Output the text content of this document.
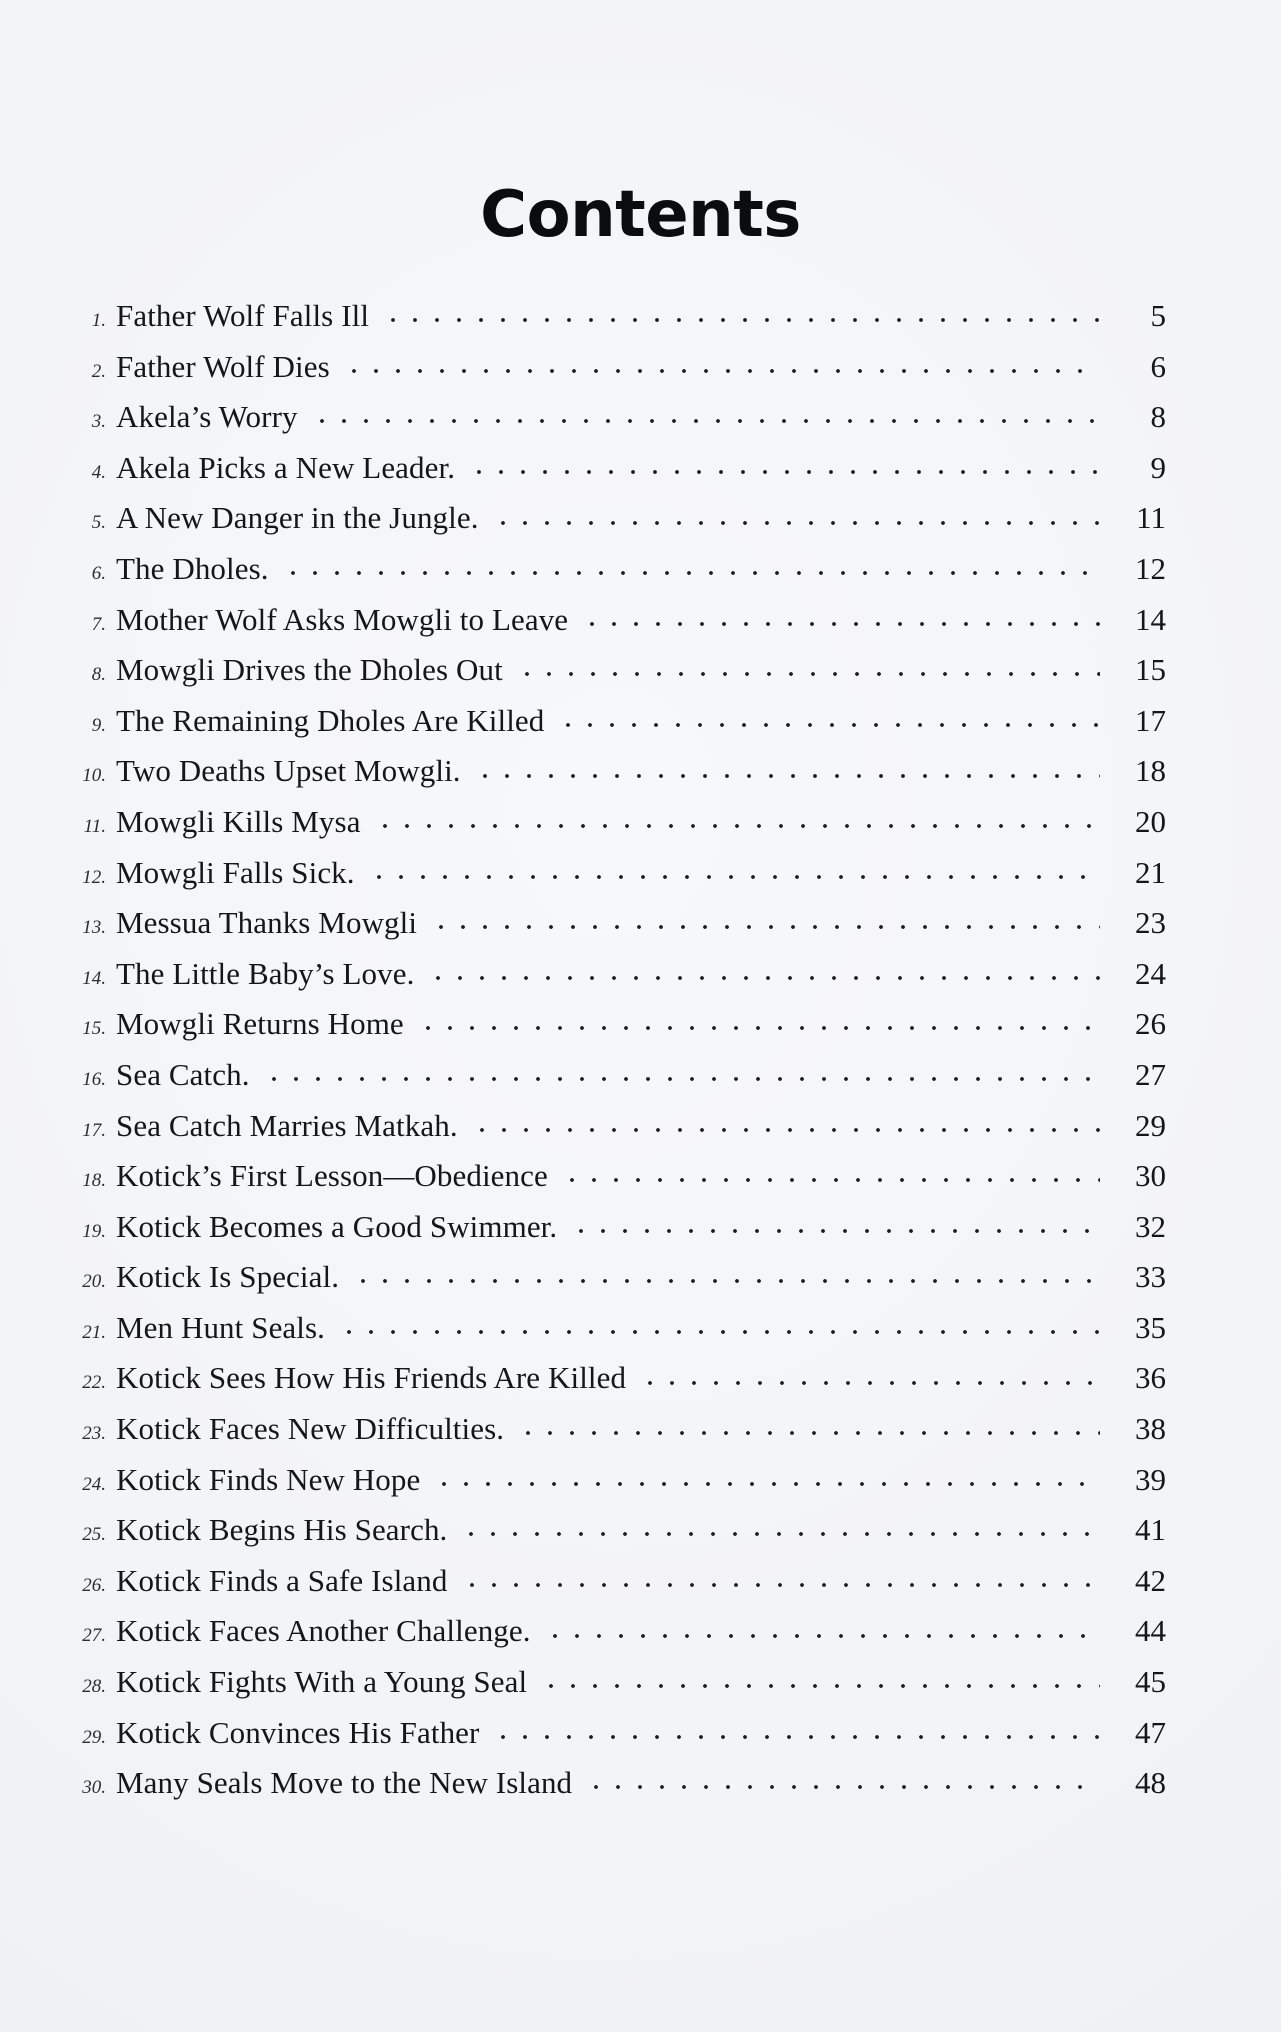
Contents
1. Father Wolf Falls Ill	5
2. Father Wolf Dies	6
3. Akela’s Worry	8
4. Akela Picks a New Leader.	9
5. A New Danger in the Jungle.	11
6. The Dholes.	12
7. Mother Wolf Asks Mowgli to Leave	14
8. Mowgli Drives the Dholes Out	15
9. The Remaining Dholes Are Killed	17
10. Two Deaths Upset Mowgli.	18
11. Mowgli Kills Mysa	20
12. Mowgli Falls Sick.	21
13. Messua Thanks Mowgli	23
14. The Little Baby’s Love.	24
15. Mowgli Returns Home	26
16. Sea Catch.	27
17. Sea Catch Marries Matkah.	29
18. Kotick’s First Lesson—Obedience	30
19. Kotick Becomes a Good Swimmer.	32
20. Kotick Is Special.	33
21. Men Hunt Seals.	35
22. Kotick Sees How His Friends Are Killed	36
23. Kotick Faces New Difficulties.	38
24. Kotick Finds New Hope	39
25. Kotick Begins His Search.	41
26. Kotick Finds a Safe Island	42
27. Kotick Faces Another Challenge.	44
28. Kotick Fights With a Young Seal	45
29. Kotick Convinces His Father	47
30. Many Seals Move to the New Island	48
